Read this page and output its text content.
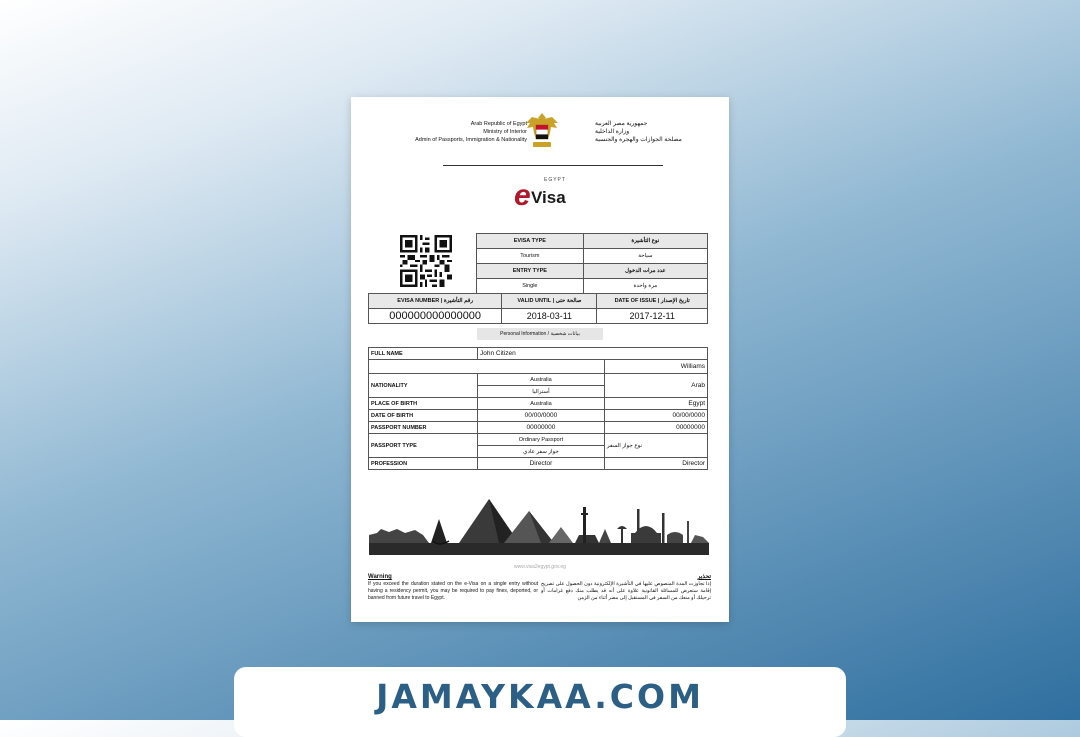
Arab Republic of Egypt
Ministry of Interior
Admin of Passports, Immigration & Nationality
جمهورية مصر العربية
وزارة الداخلية
مصلحة الجوازات والهجرة والجنسية
EGYPT
e Visa
EVISA TYPE	نوع التأشيرة
Tourism	سياحة
ENTRY TYPE	عدد مرات الدخول
Single	مرة واحدة
EVISA NUMBER | رقم التأشيرة	VALID UNTIL | صالحة حتى	DATE OF ISSUE | تاريخ الإصدار
000000000000000	2018-03-11	2017-12-11
Personal Information / بيانات شخصية
FULL NAME	John Citizen	
		Williams
NATIONALITY	Australia	Arab
	أستراليا	
PLACE OF BIRTH	Australia	Egypt
DATE OF BIRTH	00/00/0000	00/00/0000
PASSPORT NUMBER	00000000	00000000
PASSPORT TYPE	Ordinary Passport	نوع جواز السفر
	جواز سفر عادي	
PROFESSION	Director	Director
www.visa2egypt.gov.eg
Warning
If you exceed the duration stated on the e-Visa on a single entry without having a residency permit, you may be required to pay fines, deported, or banned from future travel to Egypt.
تحذير
إذا تجاوزت المدة المنصوص عليها في التأشيرة الإلكترونية دون الحصول على تصريح إقامة ستعرض للمسائلة القانونية علاوة على أنه قد يطلب منك دفع غرامات أو ترحيلك أو منعك من السفر في المستقبل إلى مصر أثناء من الزمن
JAMAYKAA.COM
